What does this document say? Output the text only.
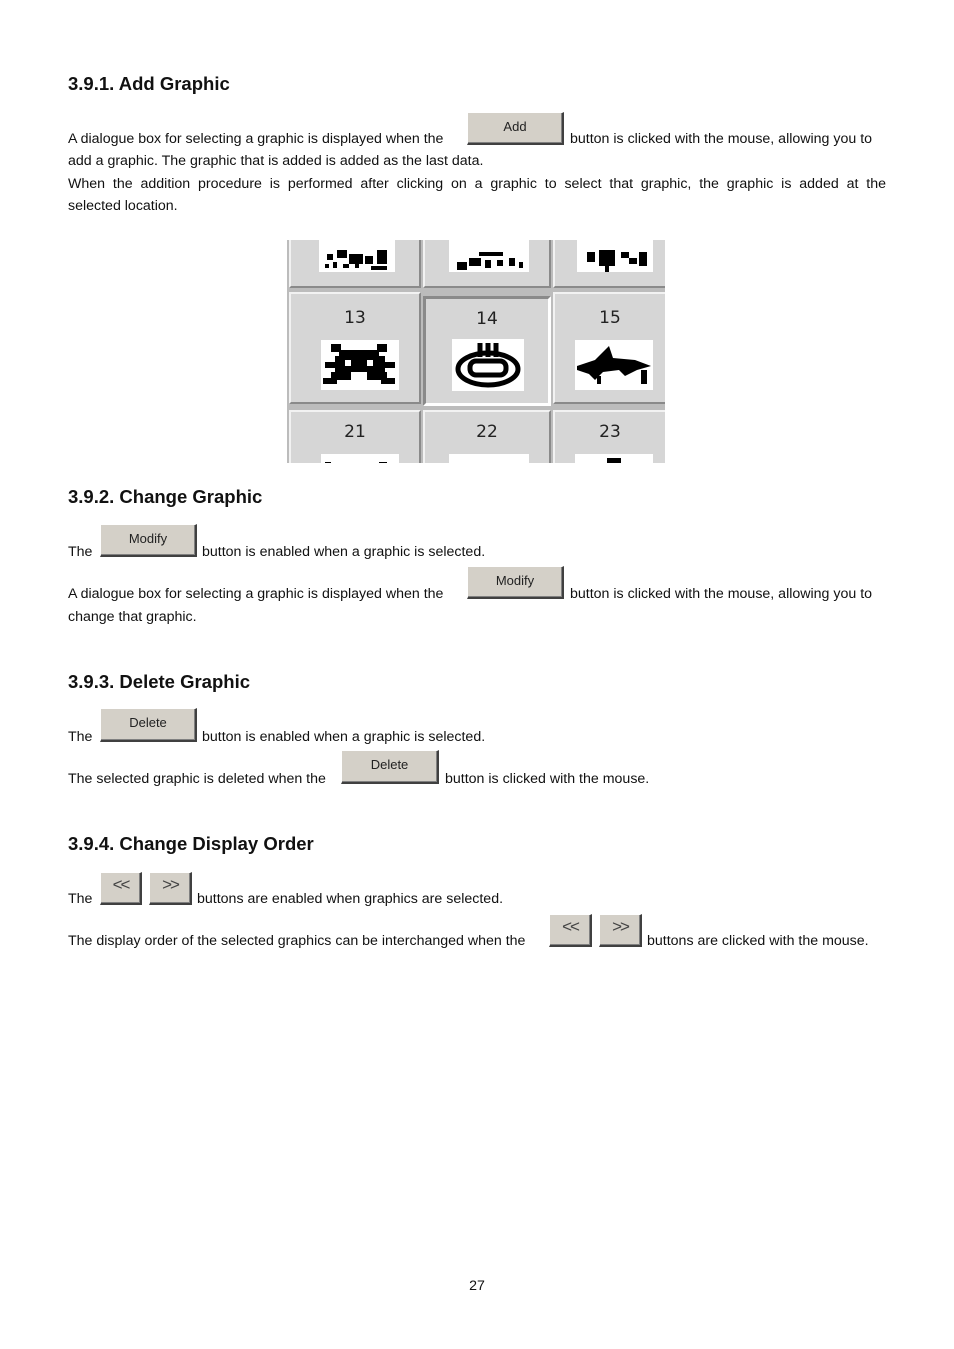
3.9.1. Add Graphic
A dialogue box for selecting a graphic is displayed when the
Add
button is clicked with the mouse, allowing you to
add a graphic. The graphic that is added is added as the last data.
When the addition procedure is performed after clicking on a graphic to select that graphic, the graphic is added at the
selected location.
13	14	15
21	22	23
3.9.2. Change Graphic
The
Modify
button is enabled when a graphic is selected.
A dialogue box for selecting a graphic is displayed when the
Modify
button is clicked with the mouse, allowing you to
change that graphic.
3.9.3. Delete Graphic
The
Delete
button is enabled when a graphic is selected.
The selected graphic is deleted when the
Delete
button is clicked with the mouse.
3.9.4. Change Display Order
The
<<	>>
buttons are enabled when graphics are selected.
The display order of the selected graphics can be interchanged when the
<<	>>
buttons are clicked with the mouse.
27
